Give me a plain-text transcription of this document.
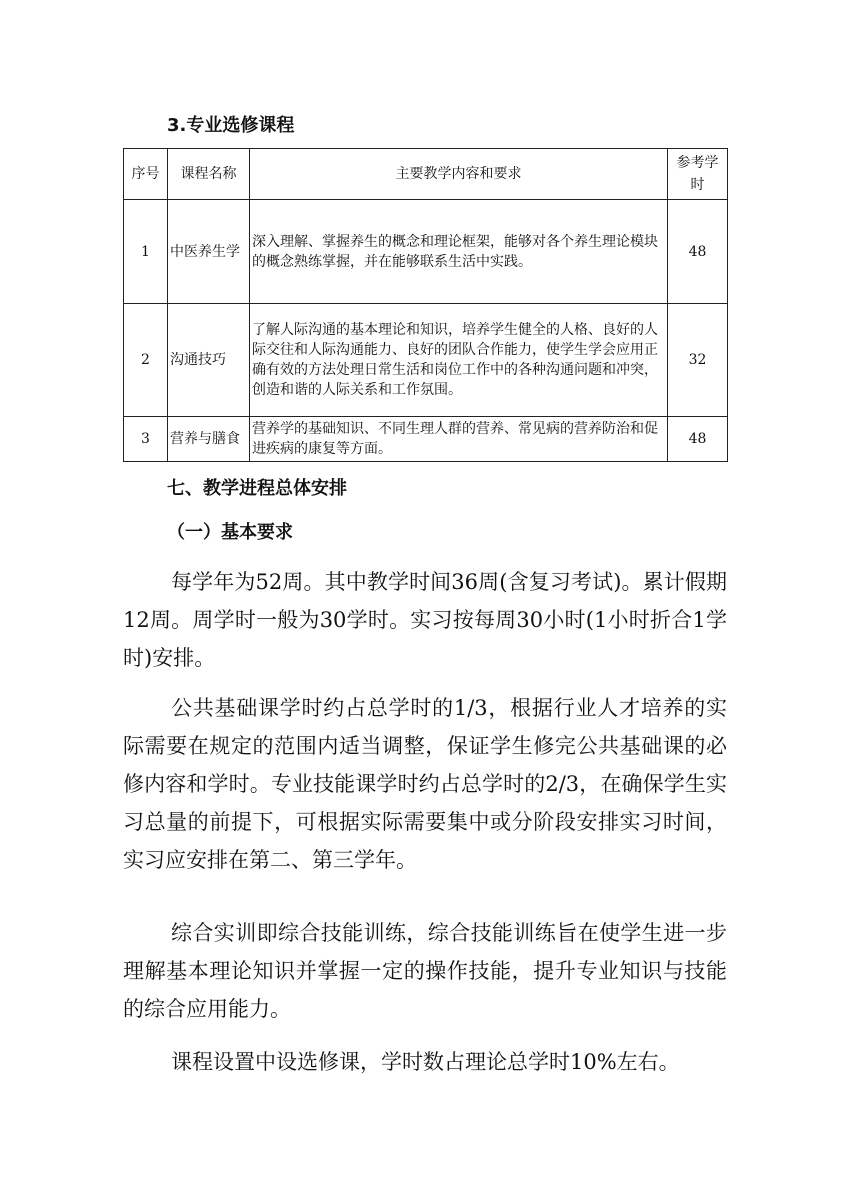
3.专业选修课程
序号	课程名称	主要教学内容和要求	参考学时
1	中医养生学	深入理解、掌握养生的概念和理论框架，能够对各个养生理论模块的概念熟练掌握，并在能够联系生活中实践。	48
2	沟通技巧	了解人际沟通的基本理论和知识，培养学生健全的人格、良好的人际交往和人际沟通能力、良好的团队合作能力，使学生学会应用正确有效的方法处理日常生活和岗位工作中的各种沟通问题和冲突，创造和谐的人际关系和工作氛围。	32
3	营养与膳食	营养学的基础知识、不同生理人群的营养、常见病的营养防治和促进疾病的康复等方面。	48
七、教学进程总体安排
（一）基本要求
每学年为52周。其中教学时间36周(含复习考试)。累计假期12周。周学时一般为30学时。实习按每周30小时(1小时折合1学时)安排。
公共基础课学时约占总学时的1/3，根据行业人才培养的实际需要在规定的范围内适当调整，保证学生修完公共基础课的必修内容和学时。专业技能课学时约占总学时的2/3，在确保学生实习总量的前提下，可根据实际需要集中或分阶段安排实习时间，实习应安排在第二、第三学年。
综合实训即综合技能训练，综合技能训练旨在使学生进一步理解基本理论知识并掌握一定的操作技能，提升专业知识与技能的综合应用能力。
课程设置中设选修课，学时数占理论总学时10%左右。
